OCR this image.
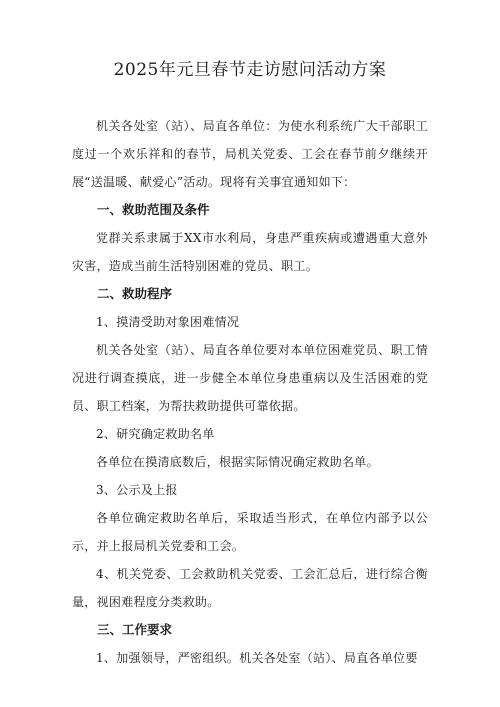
2025年元旦春节走访慰问活动方案

机关各处室（站）、局直各单位：为使水利系统广大干部职工度过一个欢乐祥和的春节，局机关党委、工会在春节前夕继续开展“送温暖、献爱心”活动。现将有关事宜通知如下：

一、救助范围及条件

党群关系隶属于XX市水利局，身患严重疾病或遭遇重大意外灾害，造成当前生活特别困难的党员、职工。

二、救助程序

1、摸清受助对象困难情况

机关各处室（站）、局直各单位要对本单位困难党员、职工情况进行调查摸底，进一步健全本单位身患重病以及生活困难的党员、职工档案，为帮扶救助提供可靠依据。

2、研究确定救助名单

各单位在摸清底数后，根据实际情况确定救助名单。

3、公示及上报

各单位确定救助名单后，采取适当形式，在单位内部予以公示，并上报局机关党委和工会。

4、机关党委、工会救助机关党委、工会汇总后，进行综合衡量，视困难程度分类救助。

三、工作要求

1、加强领导，严密组织。机关各处室（站）、局直各单位要
